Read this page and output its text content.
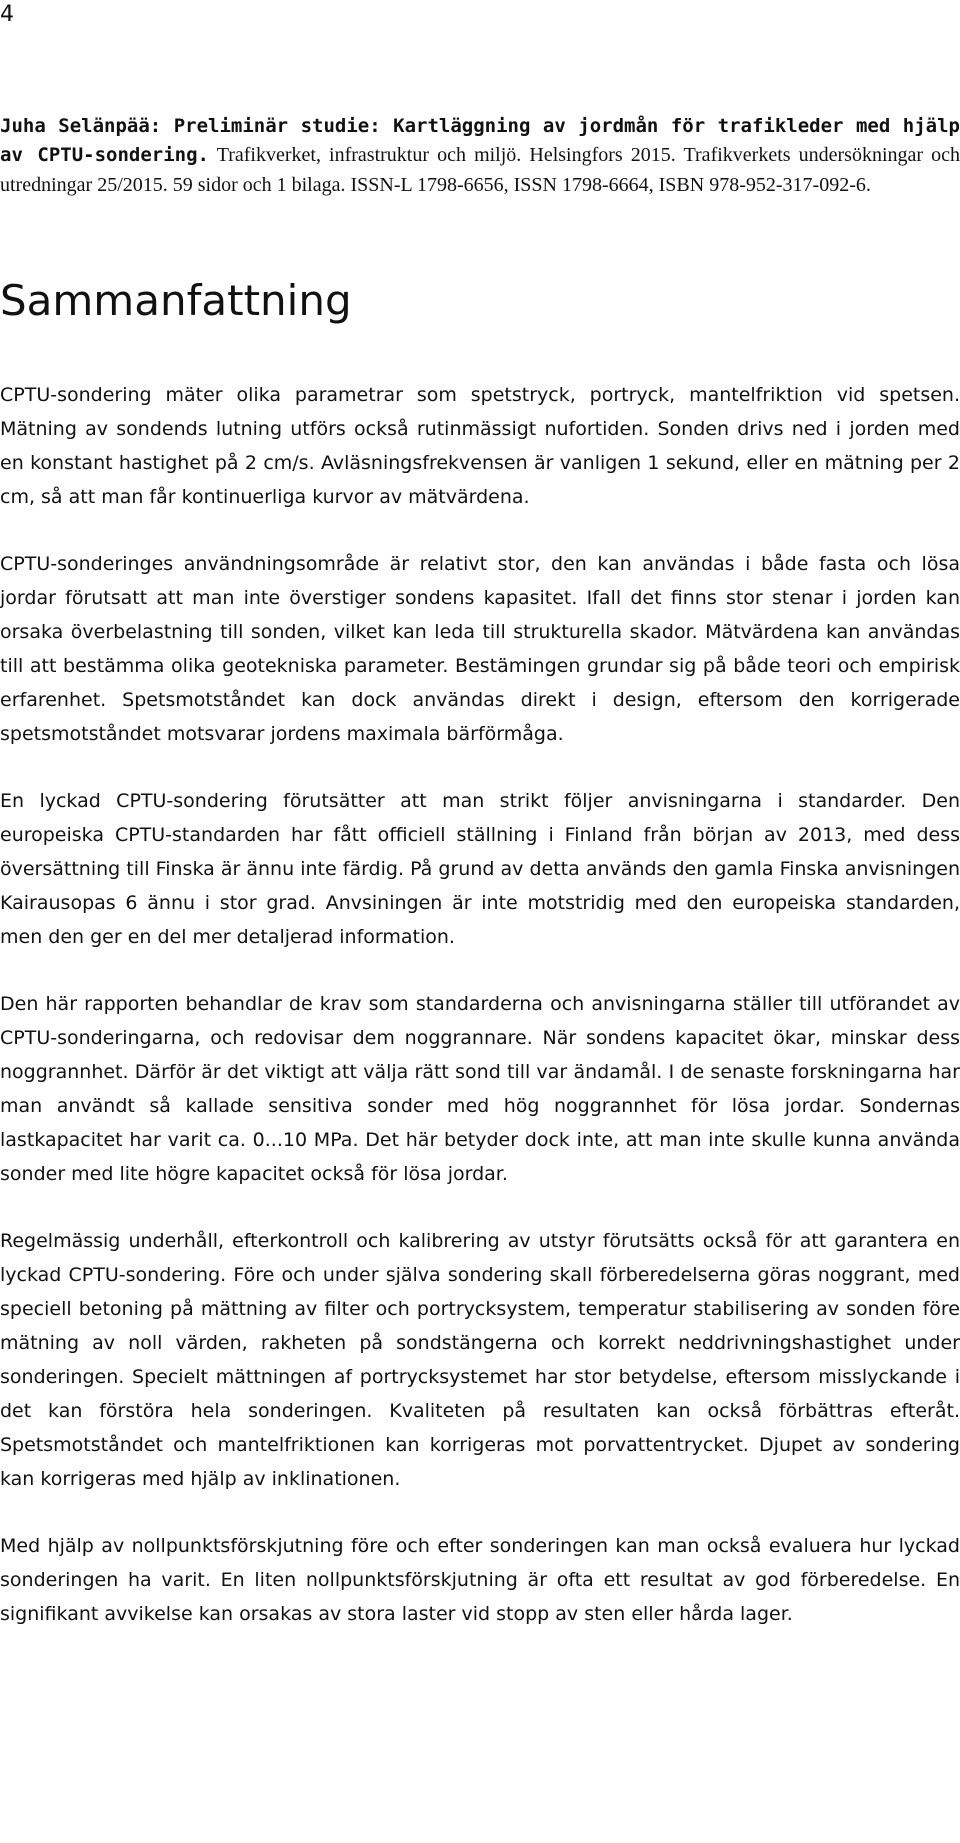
4
Juha Selänpää: Preliminär studie: Kartläggning av jordmån för trafikleder med hjälp av CPTU-sondering. Trafikverket, infrastruktur och miljö. Helsingfors 2015. Trafikverkets undersökningar och utredningar 25/2015. 59 sidor och 1 bilaga. ISSN-L 1798-6656, ISSN 1798-6664, ISBN 978-952-317-092-6.
Sammanfattning

CPTU-sondering mäter olika parametrar som spetstryck, portryck, mantelfriktion vid spetsen. Mätning av sondends lutning utförs också rutinmässigt nufortiden. Sonden drivs ned i jorden med en konstant hastighet på 2 cm/s. Avläsningsfrekvensen är vanligen 1 sekund, eller en mätning per 2 cm, så att man får kontinuerliga kurvor av mätvärdena.

CPTU-sonderinges användningsområde är relativt stor, den kan användas i både fasta och lösa jordar förutsatt att man inte överstiger sondens kapasitet. Ifall det finns stor stenar i jorden kan orsaka överbelastning till sonden, vilket kan leda till strukturella skador. Mätvärdena kan användas till att bestämma olika geotekniska parameter. Bestämingen grundar sig på både teori och empirisk erfarenhet. Spetsmotståndet kan dock användas direkt i design, eftersom den korrigerade spetsmotståndet motsvarar jordens maximala bärförmåga.

En lyckad CPTU-sondering förutsätter att man strikt följer anvisningarna i standarder. Den europeiska CPTU-standarden har fått officiell ställning i Finland från början av 2013, med dess översättning till Finska är ännu inte färdig. På grund av detta används den gamla Finska anvisningen Kairausopas 6 ännu i stor grad. Anvsiningen är inte motstridig med den europeiska standarden, men den ger en del mer detaljerad information.

Den här rapporten behandlar de krav som standarderna och anvisningarna ställer till utförandet av CPTU-sonderingarna, och redovisar dem noggrannare. När sondens kapacitet ökar, minskar dess noggrannhet. Därför är det viktigt att välja rätt sond till var ändamål. I de senaste forskningarna har man användt så kallade sensitiva sonder med hög noggrannhet för lösa jordar. Sondernas lastkapacitet har varit ca. 0...10 MPa. Det här betyder dock inte, att man inte skulle kunna använda sonder med lite högre kapacitet också för lösa jordar.

Regelmässig underhåll, efterkontroll och kalibrering av utstyr förutsätts också för att garantera en lyckad CPTU-sondering. Före och under själva sondering skall förberedelserna göras noggrant, med speciell betoning på mättning av filter och portrycksystem, temperatur stabilisering av sonden före mätning av noll värden, rakheten på sondstängerna och korrekt neddrivningshastighet under sonderingen. Specielt mättningen af portrycksystemet har stor betydelse, eftersom misslyckande i det kan förstöra hela sonderingen. Kvaliteten på resultaten kan också förbättras efteråt. Spetsmotståndet och mantelfriktionen kan korrigeras mot porvattentrycket. Djupet av sondering kan korrigeras med hjälp av inklinationen.

Med hjälp av nollpunktsförskjutning före och efter sonderingen kan man också evaluera hur lyckad sonderingen ha varit. En liten nollpunktsförskjutning är ofta ett resultat av god förberedelse. En signifikant avvikelse kan orsakas av stora laster vid stopp av sten eller hårda lager.
